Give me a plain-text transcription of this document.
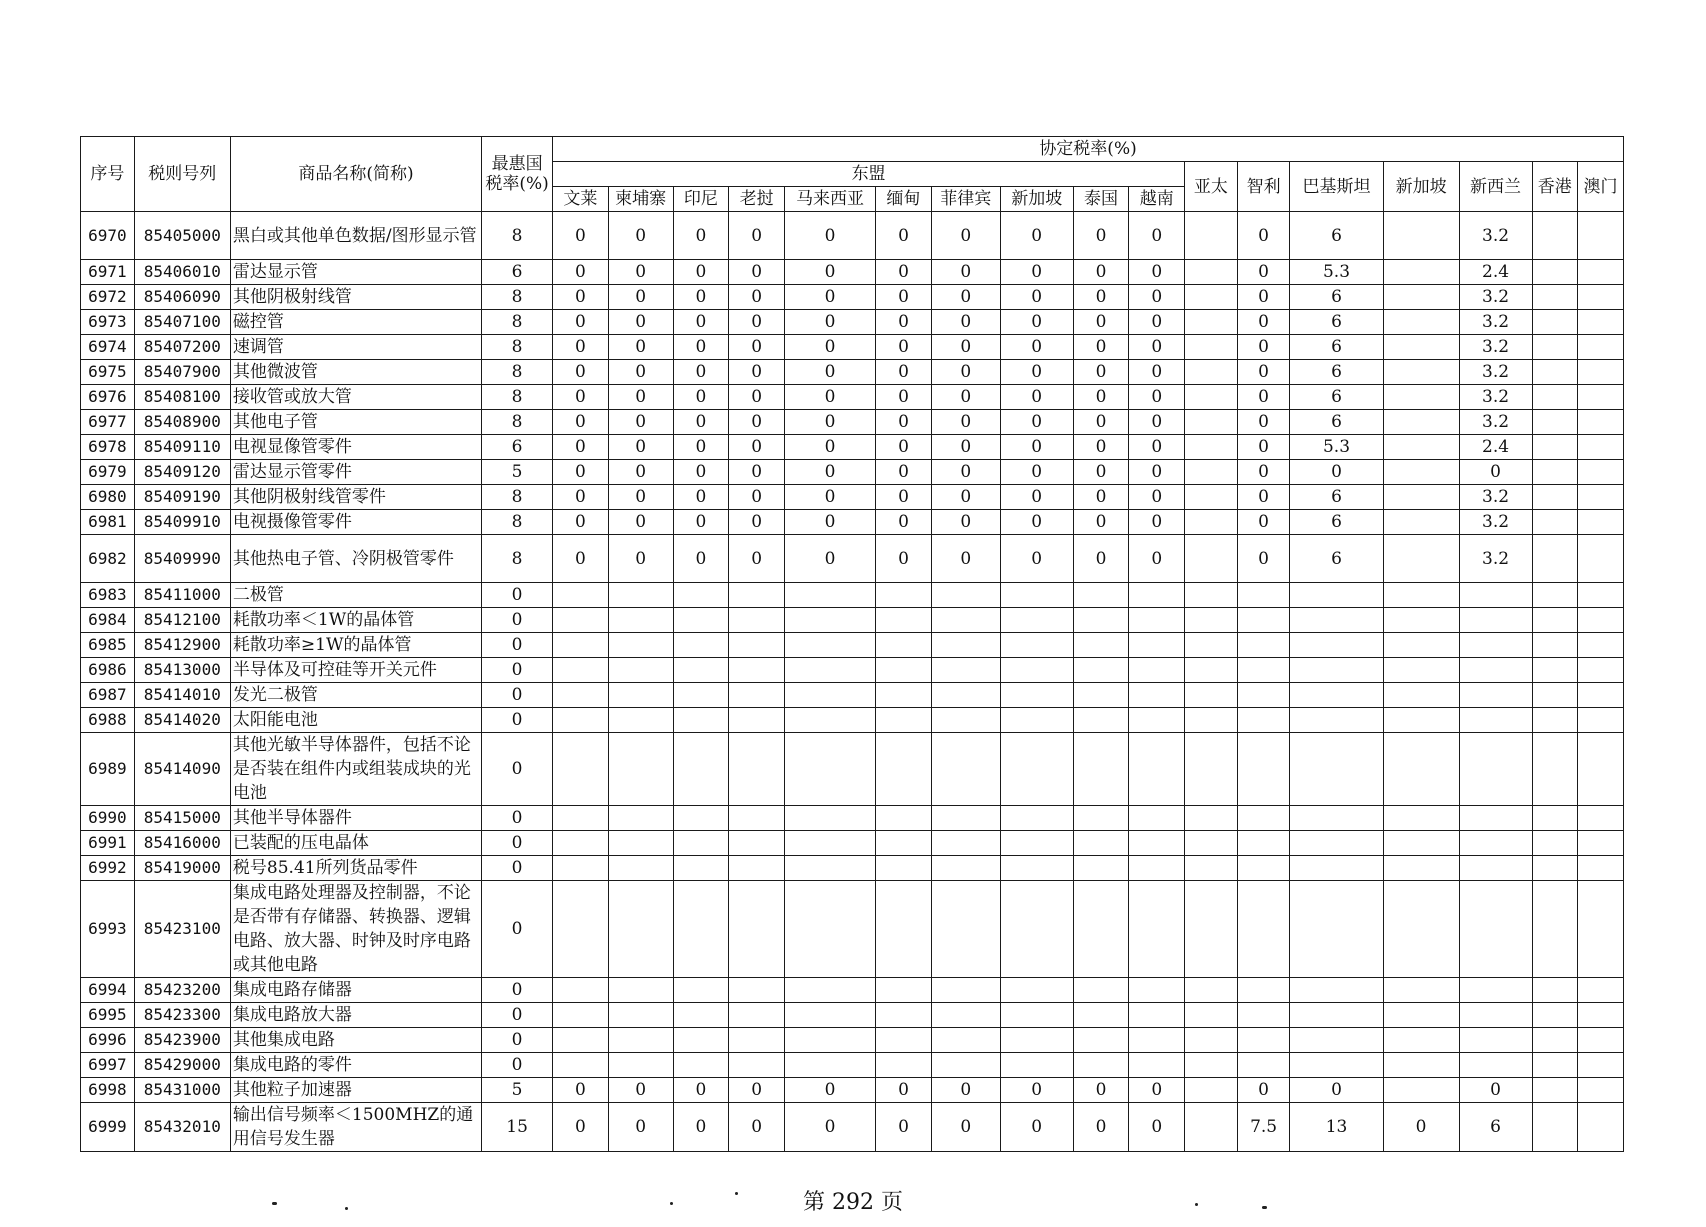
序号	税则号列	商品名称(简称)	最惠国税率(%)	协定税率(%)																
				东盟										亚太	智利	巴基斯坦	新加坡	新西兰	香港	澳门
				文莱	柬埔寨	印尼	老挝	马来西亚	缅甸	菲律宾	新加坡	泰国	越南							
6970	85405000	黑白或其他单色数据/图形显示管	8	0	0	0	0	0	0	0	0	0	0		0	6		3.2		
6971	85406010	雷达显示管	6	0	0	0	0	0	0	0	0	0	0		0	5.3		2.4		
6972	85406090	其他阴极射线管	8	0	0	0	0	0	0	0	0	0	0		0	6		3.2		
6973	85407100	磁控管	8	0	0	0	0	0	0	0	0	0	0		0	6		3.2		
6974	85407200	速调管	8	0	0	0	0	0	0	0	0	0	0		0	6		3.2		
6975	85407900	其他微波管	8	0	0	0	0	0	0	0	0	0	0		0	6		3.2		
6976	85408100	接收管或放大管	8	0	0	0	0	0	0	0	0	0	0		0	6		3.2		
6977	85408900	其他电子管	8	0	0	0	0	0	0	0	0	0	0		0	6		3.2		
6978	85409110	电视显像管零件	6	0	0	0	0	0	0	0	0	0	0		0	5.3		2.4		
6979	85409120	雷达显示管零件	5	0	0	0	0	0	0	0	0	0	0		0	0		0		
6980	85409190	其他阴极射线管零件	8	0	0	0	0	0	0	0	0	0	0		0	6		3.2		
6981	85409910	电视摄像管零件	8	0	0	0	0	0	0	0	0	0	0		0	6		3.2		
6982	85409990	其他热电子管、冷阴极管零件	8	0	0	0	0	0	0	0	0	0	0		0	6		3.2		
6983	85411000	二极管	0																	
6984	85412100	耗散功率＜1W的晶体管	0																	
6985	85412900	耗散功率≥1W的晶体管	0																	
6986	85413000	半导体及可控硅等开关元件	0																	
6987	85414010	发光二极管	0																	
6988	85414020	太阳能电池	0																	
6989	85414090	其他光敏半导体器件，包括不论是否装在组件内或组装成块的光电池	0																	
6990	85415000	其他半导体器件	0																	
6991	85416000	已装配的压电晶体	0																	
6992	85419000	税号85.41所列货品零件	0																	
6993	85423100	集成电路处理器及控制器，不论是否带有存储器、转换器、逻辑电路、放大器、时钟及时序电路或其他电路	0																	
6994	85423200	集成电路存储器	0																	
6995	85423300	集成电路放大器	0																	
6996	85423900	其他集成电路	0																	
6997	85429000	集成电路的零件	0																	
6998	85431000	其他粒子加速器	5	0	0	0	0	0	0	0	0	0	0		0	0		0		
6999	85432010	输出信号频率＜1500MHZ的通用信号发生器	15	0	0	0	0	0	0	0	0	0	0		7.5	13	0	6		
第 292 页
